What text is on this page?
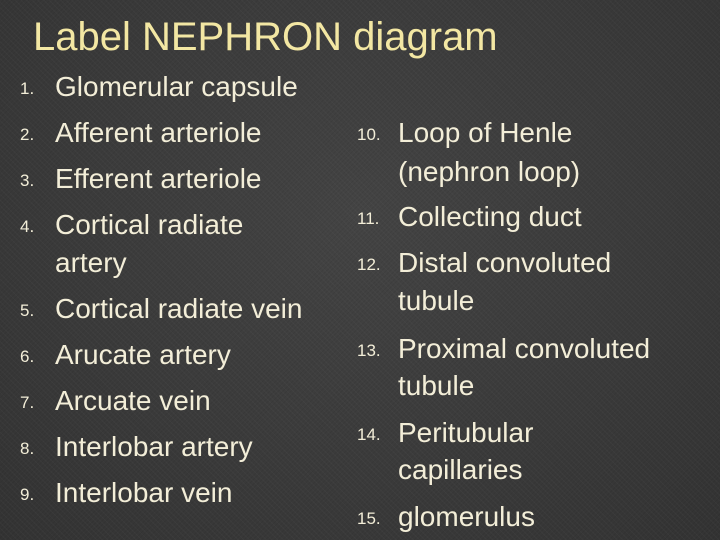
Label NEPHRON diagram
1. Glomerular capsule
2. Afferent arteriole
3. Efferent arteriole
4. Cortical radiate
artery
5. Cortical radiate vein
6. Arucate artery
7. Arcuate vein
8. Interlobar artery
9. Interlobar vein
10. Loop of Henle
(nephron loop)
11. Collecting duct
12. Distal convoluted
tubule
13. Proximal convoluted
tubule
14. Peritubular
capillaries
15. glomerulus
